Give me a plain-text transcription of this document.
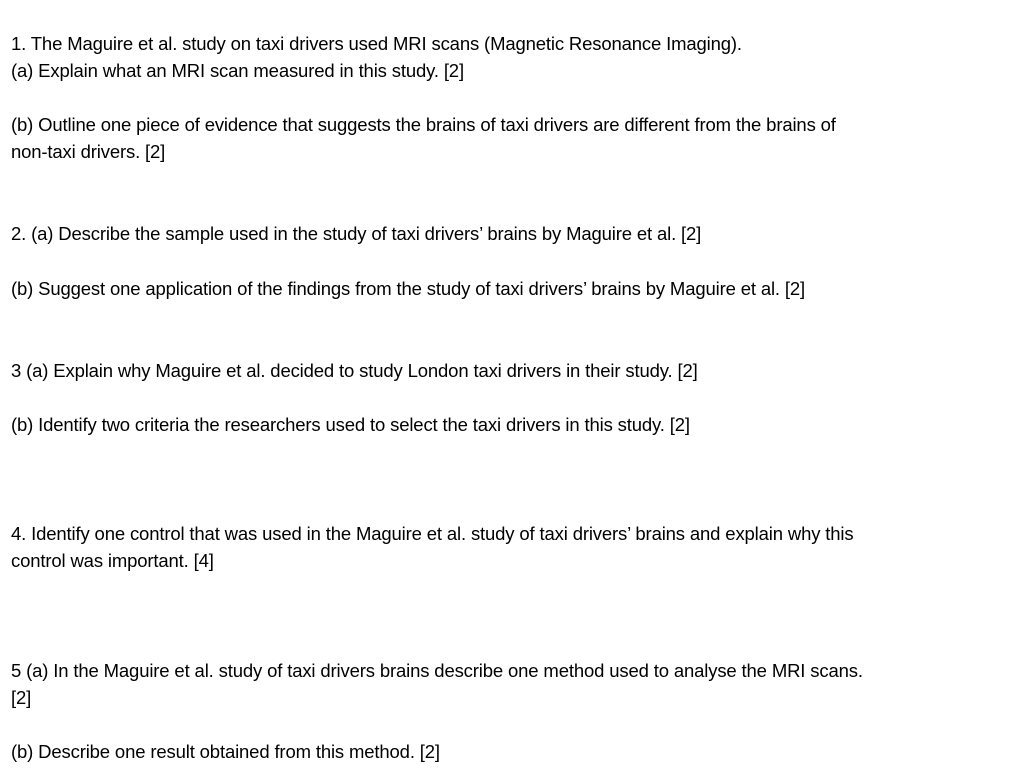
1. The Maguire et al. study on taxi drivers used MRI scans (Magnetic Resonance Imaging).

(a) Explain what an MRI scan measured in this study. [2]

(b) Outline one piece of evidence that suggests the brains of taxi drivers are different from the brains of

non-taxi drivers. [2]

2. (a) Describe the sample used in the study of taxi drivers’ brains by Maguire et al. [2]

(b) Suggest one application of the findings from the study of taxi drivers’ brains by Maguire et al. [2]

3 (a) Explain why Maguire et al. decided to study London taxi drivers in their study. [2]

(b) Identify two criteria the researchers used to select the taxi drivers in this study. [2]

4. Identify one control that was used in the Maguire et al. study of taxi drivers’ brains and explain why this

control was important. [4]

5 (a) In the Maguire et al. study of taxi drivers brains describe one method used to analyse the MRI scans.

[2]

(b) Describe one result obtained from this method. [2]
